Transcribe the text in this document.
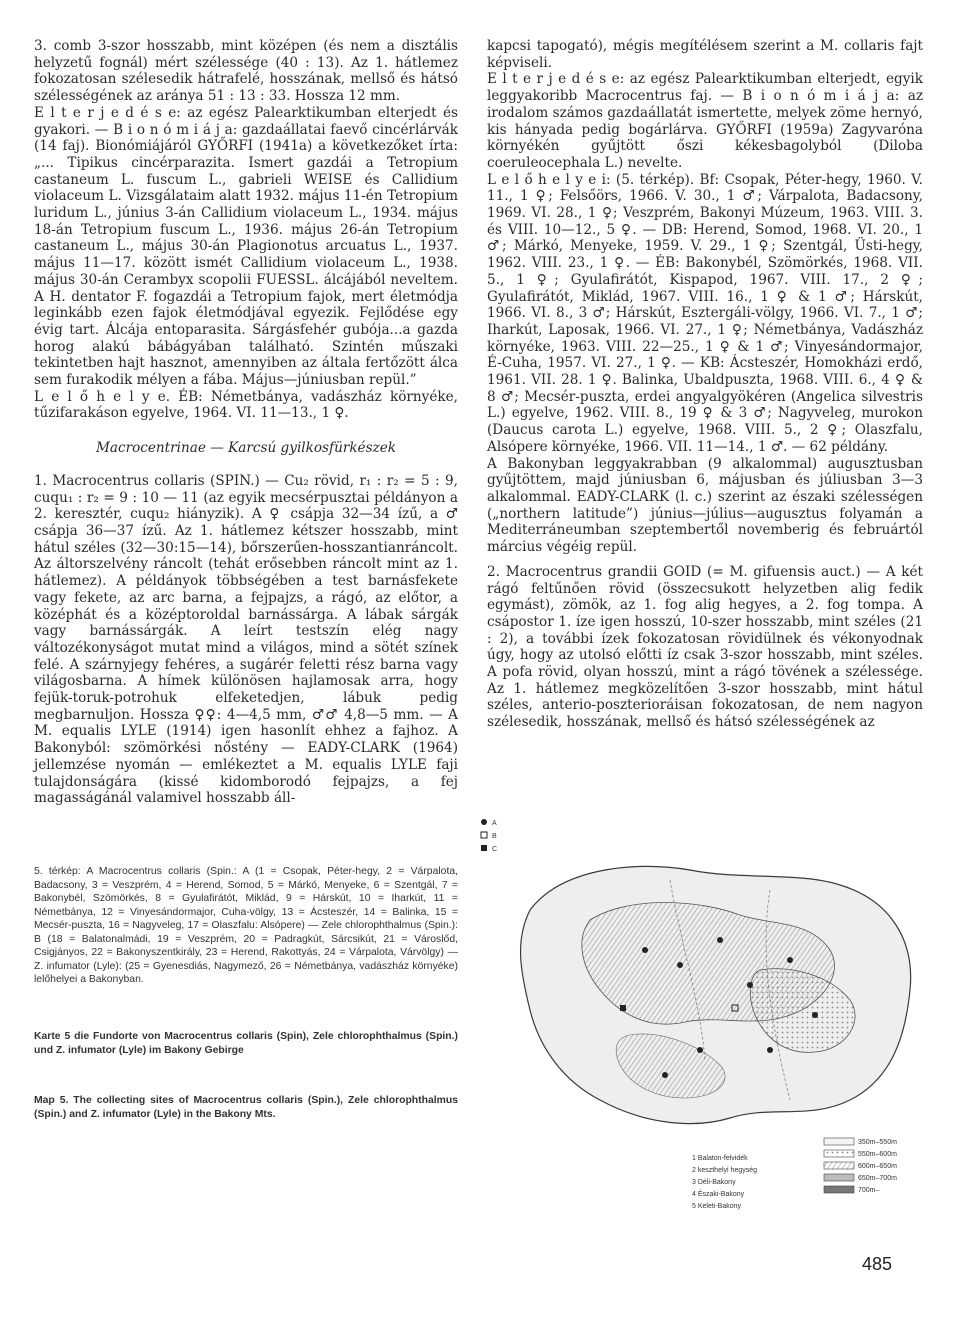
3. comb 3-szor hosszabb, mint középen (és nem a disztális helyzetű fognál) mért szélessége (40 : 13). Az 1. hátlemez fokozatosan szélesedik hátrafelé, hosszának, mellső és hátsó szélességének az aránya 51 : 13 : 33. Hossza 12 mm.

E l t e r j e d é s e: az egész Palearktikumban elterjedt és gyakori. — B i o n ó m i á j a: gazdaállatai faevő cincérlárvák (14 faj). Bionómiájáról GYŐRFI (1941a) a következőket írta: „... Tipikus cincérparazita. Ismert gazdái a Tetropium castaneum L. fuscum L., gabrieli WEISE és Callidium violaceum L. Vizsgálataim alatt 1932. május 11-én Tetropium luridum L., június 3-án Callidium violaceum L., 1934. május 18-án Tetropium fuscum L., 1936. május 26-án Tetropium castaneum L., május 30-án Plagionotus arcuatus L., 1937. május 11—17. között ismét Callidium violaceum L., 1938. május 30-án Cerambyx scopolii FUESSL. álcájából neveltem. A H. dentator F. fogazdái a Tetropium fajok, mert életmódja leginkább ezen fajok életmódjával egyezik. Fejlődése egy évig tart. Álcája entoparasita. Sárgásfehér gubója...a gazda horog alakú bábágyában található. Szintén műszaki tekintetben hajt hasznot, amennyiben az általa fertőzött álca sem furakodik mélyen a fába. Május—júniusban repül.”

L e l ő h e l y e. ÉB: Németbánya, vadászház környéke, tűzifarakáson egyelve, 1964. VI. 11—13., 1 ♀.

Macrocentrinae — Karcsú gyilkosfürkészek

1. Macrocentrus collaris (SPIN.) — Cu₂ rövid, r₁ : r₂ = 5 : 9, cuqu₁ : r₂ = 9 : 10 — 11 (az egyik mecsérpusztai példányon a 2. keresztér, cuqu₂ hiányzik). A ♀ csápja 32—34 ízű, a ♂ csápja 36—37 ízű. Az 1. hátlemez kétszer hosszabb, mint hátul széles (32—30:15—14), bőrszerűen-hosszantianráncolt. Az áltorszelvény ráncolt (tehát erősebben ráncolt mint az 1. hátlemez). A példányok többségében a test barnásfekete vagy fekete, az arc barna, a fejpajzs, a rágó, az előtor, a középhát és a középtoroldal barnássárga. A lábak sárgák vagy barnássárgák. A leírt testszín elég nagy változékonyságot mutat mind a világos, mind a sötét színek felé. A szárnyjegy fehéres, a sugárér feletti rész barna vagy világosbarna. A hímek különösen hajlamosak arra, hogy fejük-toruk-potrohuk elfeketedjen, lábuk pedig megbarnuljon. Hossza ♀♀: 4—4,5 mm, ♂♂ 4,8—5 mm. — A M. equalis LYLE (1914) igen hasonlít ehhez a fajhoz. A Bakonyból: szömörkési nőstény — EADY-CLARK (1964) jellemzése nyomán — emlékeztet a M. equalis LYLE faji tulajdonságára (kissé kidomborodó fejpajzs, a fej magasságánál valamivel hosszabb áll-

kapcsi tapogató), mégis megítélésem szerint a M. collaris fajt képviseli.

E l t e r j e d é s e: az egész Palearktikumban elterjedt, egyik leggyakoribb Macrocentrus faj. — B i o n ó m i á j a: az irodalom számos gazdaállatát ismertette, melyek zöme hernyó, kis hányada pedig bogárlárva. GYŐRFI (1959a) Zagyvaróna környékén gyűjtött őszi kékesbagolyból (Diloba coeruleocephala L.) nevelte.

L e l ő h e l y e i: (5. térkép). Bf: Csopak, Péter-hegy, 1960. V. 11., 1 ♀; Felsőörs, 1966. V. 30., 1 ♂; Várpalota, Badacsony, 1969. VI. 28., 1 ♀; Veszprém, Bakonyi Múzeum, 1963. VIII. 3. és VIII. 10—12., 5 ♀. — DB: Herend, Somod, 1968. VI. 20., 1 ♂; Márkó, Menyeke, 1959. V. 29., 1 ♀; Szentgál, Üsti-hegy, 1962. VIII. 23., 1 ♀. — ÉB: Bakonybél, Szömörkés, 1968. VII. 5., 1 ♀; Gyulafirátót, Kispapod, 1967. VIII. 17., 2 ♀; Gyulafirátót, Miklád, 1967. VIII. 16., 1 ♀ & 1 ♂; Hárskút, 1966. VI. 8., 3 ♂; Hárskút, Esztergáli-völgy, 1966. VI. 7., 1 ♂; Iharkút, Laposak, 1966. VI. 27., 1 ♀; Németbánya, Vadászház környéke, 1963. VIII. 22—25., 1 ♀ & 1 ♂; Vinyesándormajor, É-Cuha, 1957. VI. 27., 1 ♀. — KB: Ácsteszér, Homokházi erdő, 1961. VII. 28. 1 ♀. Balinka, Ubaldpuszta, 1968. VIII. 6., 4 ♀ & 8 ♂; Mecsér-puszta, erdei angyalgyökéren (Angelica silvestris L.) egyelve, 1962. VIII. 8., 19 ♀ & 3 ♂; Nagyveleg, murokon (Daucus carota L.) egyelve, 1968. VIII. 5., 2 ♀; Olaszfalu, Alsópere környéke, 1966. VII. 11—14., 1 ♂. — 62 példány.

A Bakonyban leggyakrabban (9 alkalommal) augusztusban gyűjtöttem, majd júniusban 6, májusban és júliusban 3—3 alkalommal. EADY-CLARK (l. c.) szerint az északi szélességen („northern latitude”) június—július—augusztus folyamán a Mediterráneumban szeptembertől novemberig és februártól március végéig repül.

2. Macrocentrus grandii GOID (= M. gifuensis auct.) — A két rágó feltűnően rövid (összecsukott helyzetben alig fedik egymást), zömök, az 1. fog alig hegyes, a 2. fog tompa. A csápostor 1. íze igen hosszú, 10-szer hosszabb, mint széles (21 : 2), a további ízek fokozatosan rövidülnek és vékonyodnak úgy, hogy az utolsó előtti íz csak 3-szor hosszabb, mint széles. A pofa rövid, olyan hosszú, mint a rágó tövének a szélessége. Az 1. hátlemez megközelítően 3-szor hosszabb, mint hátul széles, anterio-poszterioráisan fokozatosan, de nem nagyon szélesedik, hosszának, mellső és hátsó szélességének az

5. térkép: A Macrocentrus collaris (Spin.: A (1 = Csopak, Péter-hegy, 2 = Várpalota, Badacsony, 3 = Veszprém, 4 = Herend, Somod, 5 = Márkó, Menyeke, 6 = Szentgál, 7 = Bakonybél, Szömörkés, 8 = Gyulafirátót, Miklád, 9 = Hárskút, 10 = Iharkút, 11 = Németbánya, 12 = Vinyesándormajor, Cuha-völgy, 13 = Ácsteszér, 14 = Balinka, 15 = Mecsér-puszta, 16 = Nagyveleg, 17 = Olaszfalu: Alsópere) — Zele chlorophthalmus (Spin.): B (18 = Balatonalmádi, 19 = Veszprém, 20 = Padragkút, Sárcsikút, 21 = Városlőd, Csigjányos, 22 = Bakonyszentkirály, 23 = Herend, Rakottyás, 24 = Várpalota, Várvölgy) — Z. infumator (Lyle): (25 = Gyenesdiás, Nagymező, 26 = Németbánya, vadászház környéke) lelőhelyei a Bakonyban.

Karte 5 die Fundorte von Macrocentrus collaris (Spin), Zele chlorophthalmus (Spin.) und Z. infumator (Lyle) im Bakony Gebirge

Map 5. The collecting sites of Macrocentrus collaris (Spin.), Zele chlorophthalmus (Spin.) and Z. infumator (Lyle) in the Bakony Mts.

A
B
C
350m–550m
550m–600m
600m–650m
650m–700m
700m–
1 Balaton-felvidék
2 keszthelyi hegység
3 Déli-Bakony
4 Északi-Bakony
5 Keleti-Bakony
485
